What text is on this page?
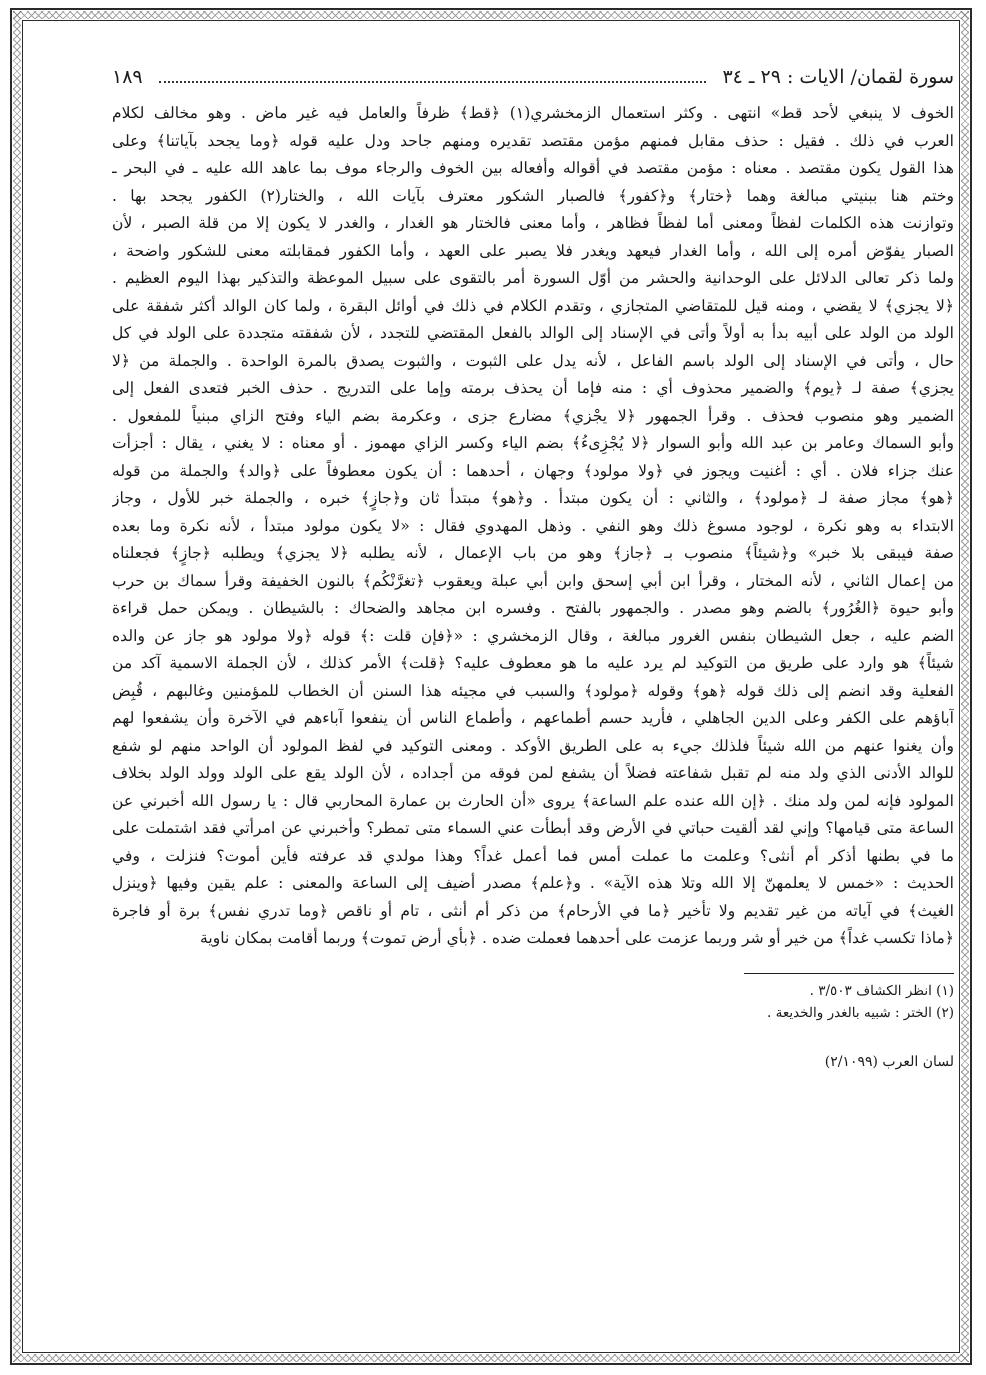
سورة لقمان/ الايات : ٢٩ ـ ٣٤
١٨٩
الخوف لا ينبغي لأحد قط» انتهى . وكثر استعمال الزمخشري(١) ﴿قط﴾ ظرفاً والعامل فيه غير ماض . وهو مخالف لكلام
العرب في ذلك . فقيل : حذف مقابل فمنهم مؤمن مقتصد تقديره ومنهم جاحد ودل عليه قوله ﴿وما يجحد بآياتنا﴾ وعلى
هذا القول يكون مقتصد . معناه : مؤمن مقتصد في أقواله وأفعاله بين الخوف والرجاء موف بما عاهد الله عليه ـ في البحر ـ
وختم هنا ببنيتي مبالغة وهما ﴿ختار﴾ و﴿كفور﴾ فالصبار الشكور معترف بآيات الله ، والختار(٢) الكفور يجحد بها .
وتوازنت هذه الكلمات لفظاً ومعنى أما لفظاً فظاهر ، وأما معنى فالختار هو الغدار ، والغدر لا يكون إلا من قلة الصبر ، لأن
الصبار يفوّض أمره إلى الله ، وأما الغدار فيعهد ويغدر فلا يصبر على العهد ، وأما الكفور فمقابلته معنى للشكور واضحة ،
ولما ذكر تعالى الدلائل على الوحدانية والحشر من أوّل السورة أمر بالتقوى على سبيل الموعظة والتذكير بهذا اليوم العظيم .
﴿لا يجزي﴾ لا يقضي ، ومنه قيل للمتقاضي المتجازي ، وتقدم الكلام في ذلك في أوائل البقرة ، ولما كان الوالد أكثر شفقة على
الولد من الولد على أبيه بدأ به أولاً وأتى في الإسناد إلى الوالد بالفعل المقتضي للتجدد ، لأن شفقته متجددة على الولد في كل
حال ، وأتى في الإسناد إلى الولد باسم الفاعل ، لأنه يدل على الثبوت ، والثبوت يصدق بالمرة الواحدة . والجملة من ﴿لا
يجزي﴾ صفة لـ ﴿يوم﴾ والضمير محذوف أي : منه فإما أن يحذف برمته وإما على التدريج . حذف الخبر فتعدى الفعل إلى
الضمير وهو منصوب فحذف . وقرأ الجمهور ﴿لا يجْزي﴾ مضارع جزى ، وعكرمة بضم الياء وفتح الزاي مبنياً للمفعول .
وأبو السماك وعامر بن عبد الله وأبو السوار ﴿لا يُجْزِىءُ﴾ بضم الياء وكسر الزاي مهموز . أو معناه : لا يغني ، يقال : أجزأت
عنك جزاء فلان . أي : أغنيت ويجوز في ﴿ولا مولود﴾ وجهان ، أحدهما : أن يكون معطوفاً على ﴿والد﴾ والجملة من قوله
﴿هو﴾ مجاز صفة لـ ﴿مولود﴾ ، والثاني : أن يكون مبتدأ . و﴿هو﴾ مبتدأ ثان و﴿جازٍ﴾ خبره ، والجملة خبر للأول ، وجاز
الابتداء به وهو نكرة ، لوجود مسوغ ذلك وهو النفي . وذهل المهدوي فقال : «لا يكون مولود مبتدأ ، لأنه نكرة وما بعده
صفة فيبقى بلا خبر» و﴿شيئاً﴾ منصوب بـ ﴿جاز﴾ وهو من باب الإعمال ، لأنه يطلبه ﴿لا يجزي﴾ ويطلبه ﴿جازٍ﴾ فجعلناه
من إعمال الثاني ، لأنه المختار ، وقرأ ابن أبي إسحق وابن أبي عبلة ويعقوب ﴿تغرَّنْكُم﴾ بالنون الخفيفة وقرأ سماك بن حرب
وأبو حيوة ﴿الغُرُور﴾ بالضم وهو مصدر . والجمهور بالفتح . وفسره ابن مجاهد والضحاك : بالشيطان . ويمكن حمل قراءة
الضم عليه ، جعل الشيطان بنفس الغرور مبالغة ، وقال الزمخشري : «﴿فإن قلت :﴾ قوله ﴿ولا مولود هو جاز عن والده
شيئاً﴾ هو وارد على طريق من التوكيد لم يرد عليه ما هو معطوف عليه؟ ﴿قلت﴾ الأمر كذلك ، لأن الجملة الاسمية آكد من
الفعلية وقد انضم إلى ذلك قوله ﴿هو﴾ وقوله ﴿مولود﴾ والسبب في مجيئه هذا السنن أن الخطاب للمؤمنين وغالبهم ، قُبِض
آباؤهم على الكفر وعلى الدين الجاهلي ، فأريد حسم أطماعهم ، وأطماع الناس أن ينفعوا آباءهم في الآخرة وأن يشفعوا لهم
وأن يغنوا عنهم من الله شيئاً فلذلك جيء به على الطريق الأوكد . ومعنى التوكيد في لفظ المولود أن الواحد منهم لو شفع
للوالد الأدنى الذي ولد منه لم تقبل شفاعته فضلاً أن يشفع لمن فوقه من أجداده ، لأن الولد يقع على الولد وولد الولد بخلاف
المولود فإنه لمن ولد منك . ﴿إن الله عنده علم الساعة﴾ يروى «أن الحارث بن عمارة المحاربي قال : يا رسول الله أخبرني عن
الساعة متى قيامها؟ وإني لقد ألقيت حباتي في الأرض وقد أبطأت عني السماء متى تمطر؟ وأخبرني عن امرأتي فقد اشتملت على
ما في بطنها أذكر أم أنثى؟ وعلمت ما عملت أمس فما أعمل غداً؟ وهذا مولدي قد عرفته فأين أموت؟ فنزلت ، وفي
الحديث : «خمس لا يعلمهنّ إلا الله وتلا هذه الآية» . و﴿علم﴾ مصدر أضيف إلى الساعة والمعنى : علم يقين وفيها ﴿وينزل
الغيث﴾ في آياته من غير تقديم ولا تأخير ﴿ما في الأرحام﴾ من ذكر أم أنثى ، تام أو ناقص ﴿وما تدري نفس﴾ برة أو فاجرة
﴿ماذا تكسب غداً﴾ من خير أو شر وربما عزمت على أحدهما فعملت ضده . ﴿بأي أرض تموت﴾ وربما أقامت بمكان ناوية
(١) انظر الكشاف ٣/٥٠٣ .
(٢) الختر : شبيه بالغدر والخديعة .
لسان العرب (٢/١٠٩٩)
